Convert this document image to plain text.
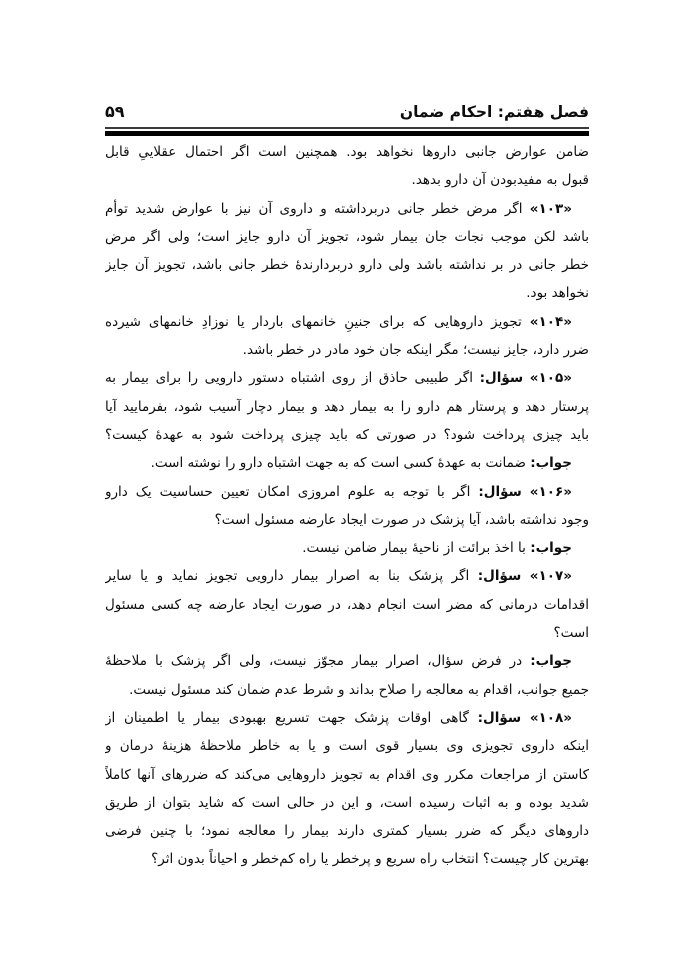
فصل هفتم: احکام ضمان
۵۹
ضامن عوارض جانبی داروها نخواهد بود. همچنین است اگر احتمال عقلاییِ قابل
قبول به مفیدبودن آن دارو بدهد.
«۱۰۳» اگر مرض خطر جانی دربرداشته و داروی آن نیز با عوارض شدید توأم
باشد لکن موجب نجات جان بیمار شود، تجویز آن دارو جایز است؛ ولی اگر مرض
خطر جانی در بر نداشته باشد ولی دارو دربردارندهٔ خطر جانی باشد، تجویز آن جایز
نخواهد بود.
«۱۰۴» تجویز داروهایی که برای جنینِ خانمهای باردار یا نوزادِ خانمهای شیرده
ضرر دارد، جایز نیست؛ مگر اینکه جان خود مادر در خطر باشد.
«۱۰۵» سؤال: اگر طبیبی حاذق از روی اشتباه دستور دارویی را برای بیمار به
پرستار دهد و پرستار هم دارو را به بیمار دهد و بیمار دچار آسیب شود، بفرمایید آیا
باید چیزی پرداخت شود؟ در صورتی که باید چیزی پرداخت شود به عهدهٔ کیست؟
جواب: ضمانت به عهدهٔ کسی است که به جهت اشتباه دارو را نوشته است.
«۱۰۶» سؤال: اگر با توجه به علوم امروزی امکان تعیین حساسیت یک دارو
وجود نداشته باشد، آیا پزشک در صورت ایجاد عارضه مسئول است؟
جواب: با اخذ برائت از ناحیهٔ بیمار ضامن نیست.
«۱۰۷» سؤال: اگر پزشک بنا به اصرار بیمار دارویی تجویز نماید و یا سایر
اقدامات درمانی که مضر است انجام دهد، در صورت ایجاد عارضه چه کسی مسئول
است؟
جواب: در فرض سؤال، اصرار بیمار مجوّز نیست، ولی اگر پزشک با ملاحظهٔ
جمیع جوانب، اقدام به معالجه را صلاح بداند و شرط عدم ضمان کند مسئول نیست.
«۱۰۸» سؤال: گاهی اوقات پزشک جهت تسریع بهبودی بیمار یا اطمینان از
اینکه داروی تجویزی وی بسیار قوی است و یا به خاطر ملاحظهٔ هزینهٔ درمان و
کاستن از مراجعات مکرر وی اقدام به تجویز داروهایی می‌کند که ضررهای آنها کاملاً
شدید بوده و به اثبات رسیده است، و این در حالی است که شاید بتوان از طریق
داروهای دیگر که ضرر بسیار کمتری دارند بیمار را معالجه نمود؛ با چنین فرضی
بهترین کار چیست؟ انتخاب راه سریع و پرخطر یا راه کم‌خطر و احیاناً بدون اثر؟
